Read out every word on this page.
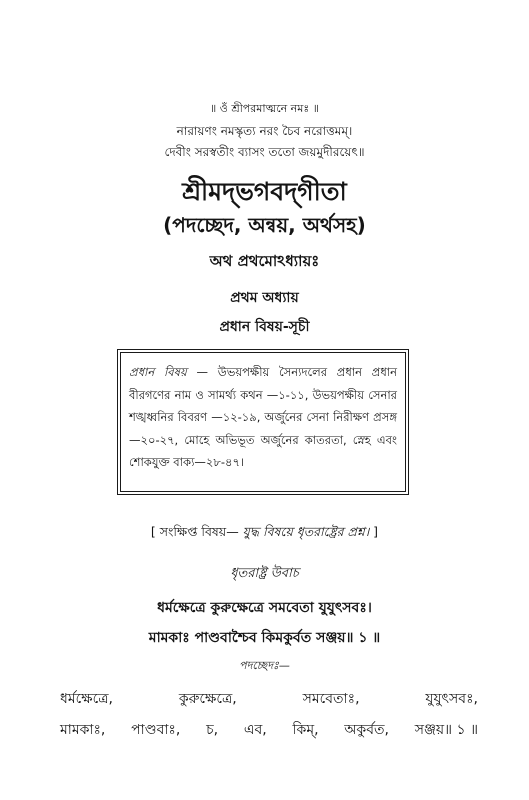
॥ ওঁ শ্রীপরমাত্মনে নমঃ ॥
নারায়ণং নমস্কৃত্য নরং চৈব নরোত্তমম্।
দেবীং সরস্বতীং ব্যাসং ততো জয়মুদীরয়েৎ॥
শ্রীমদ্‌ভগবদ্‌গীতা
(পদচ্ছেদ, অন্বয়, অর্থসহ)
অথ প্রথমোঽধ্যায়ঃ
প্রথম অধ্যায়
প্রধান বিষয়-সূচী
প্রধান বিষয় — উভয়পক্ষীয় সৈন্যদলের প্রধান প্রধান বীরগণের নাম ও সামর্থ্য কথন —১-১১, উভয়পক্ষীয় সেনার শঙ্খধ্বনির বিবরণ —১২-১৯, অর্জুনের সেনা নিরীক্ষণ প্রসঙ্গ —২০-২৭, মোহে অভিভূত অর্জুনের কাতরতা, স্নেহ এবং শোকযুক্ত বাক্য—২৮-৪৭।
[ সংক্ষিপ্ত বিষয়— যুদ্ধ বিষয়ে ধৃতরাষ্ট্রের প্রশ্ন। ]
ধৃতরাষ্ট্র উবাচ
ধর্মক্ষেত্রে কুরুক্ষেত্রে সমবেতা যুযুৎসবঃ।
মামকাঃ পাণ্ডবাশ্চৈব কিমকুর্বত সঞ্জয়॥ ১ ॥
পদচ্ছেদঃ—
ধর্মক্ষেত্রে,	কুরুক্ষেত্রে,	সমবেতাঃ,	যুযুৎসবঃ,
মামকাঃ, পাণ্ডবাঃ, চ, এব, কিম্‌, অকুর্বত, সঞ্জয়॥ ১ ॥
